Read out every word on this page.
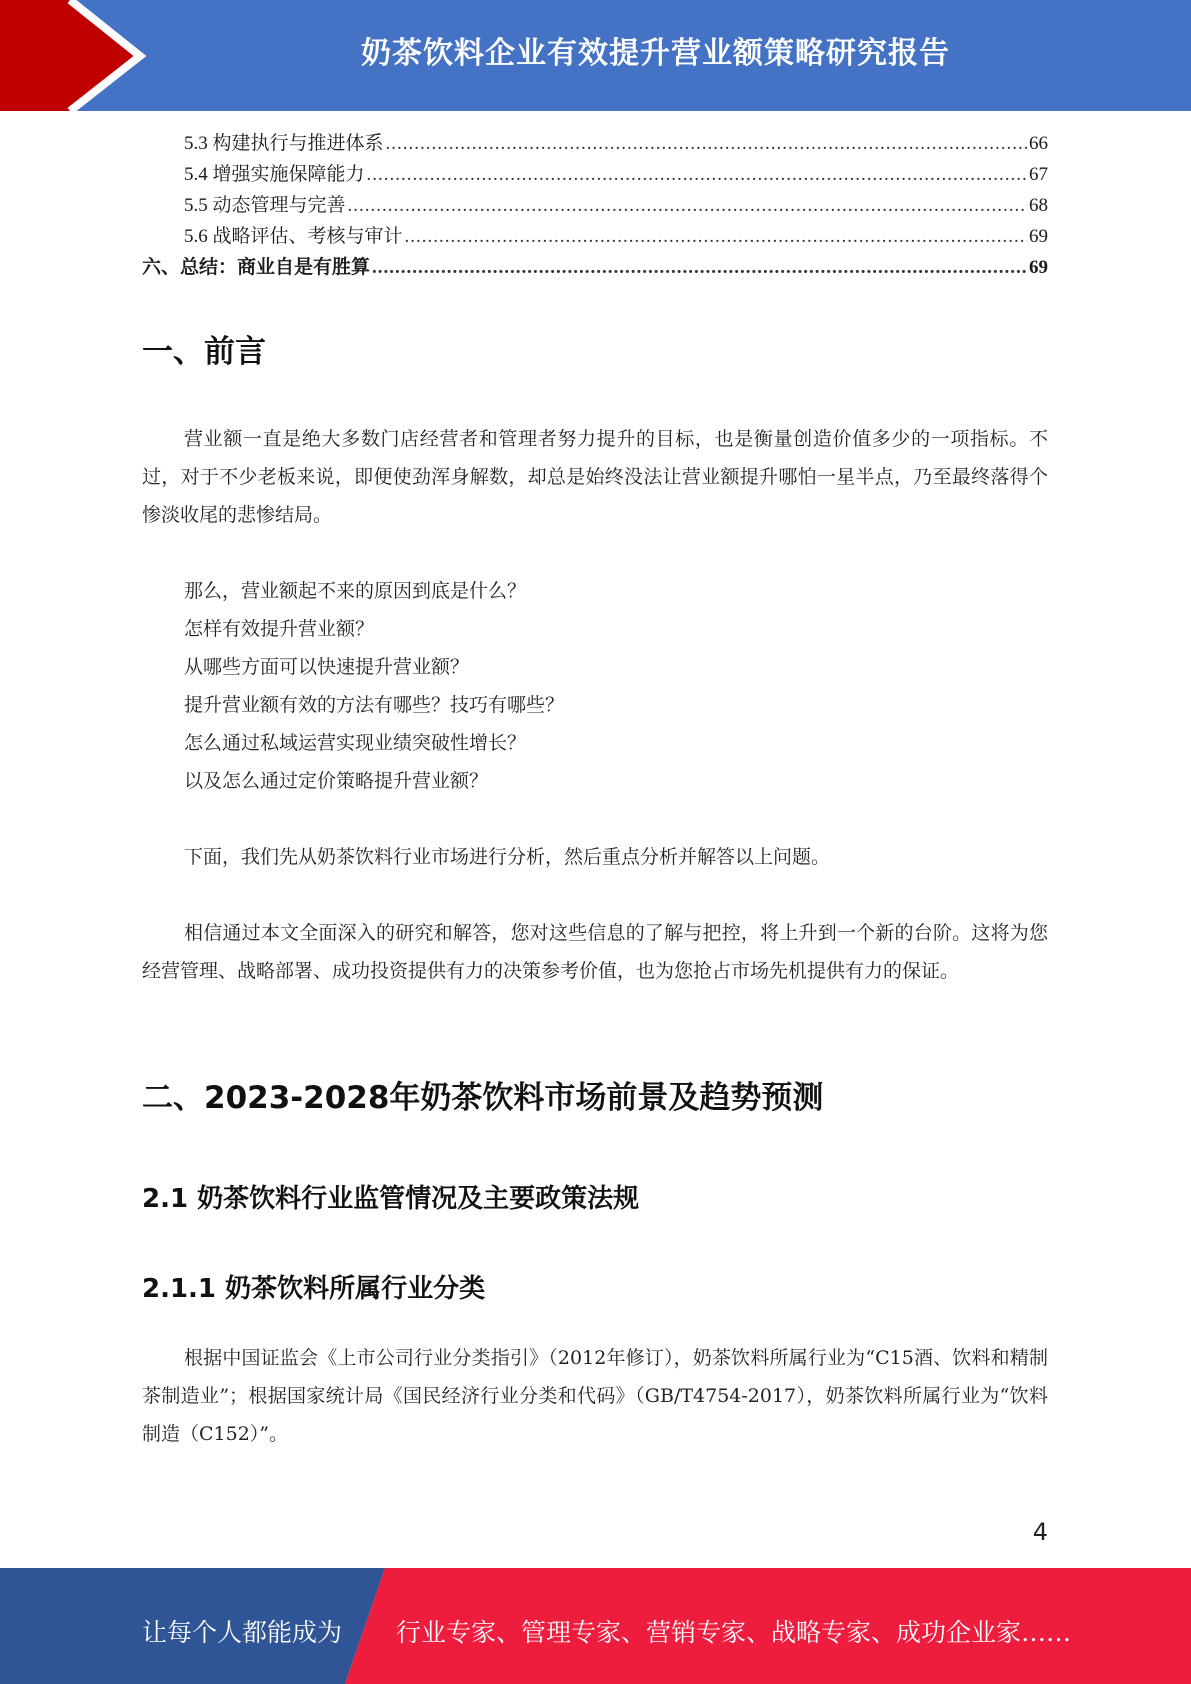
奶茶饮料企业有效提升营业额策略研究报告
5.3 构建执行与推进体系 .....	66
5.4 增强实施保障能力 .....	67
5.5 动态管理与完善 .....	68
5.6 战略评估、考核与审计 .....	69
六、总结：商业自是有胜算 .....	69
一、前言

营业额一直是绝大多数门店经营者和管理者努力提升的目标，也是衡量创造价值多少的一项指标。不过，对于不少老板来说，即便使劲浑身解数，却总是始终没法让营业额提升哪怕一星半点，乃至最终落得个惨淡收尾的悲惨结局。

那么，营业额起不来的原因到底是什么？
怎样有效提升营业额？
从哪些方面可以快速提升营业额？
提升营业额有效的方法有哪些？技巧有哪些？
怎么通过私域运营实现业绩突破性增长？
以及怎么通过定价策略提升营业额？

下面，我们先从奶茶饮料行业市场进行分析，然后重点分析并解答以上问题。

相信通过本文全面深入的研究和解答，您对这些信息的了解与把控，将上升到一个新的台阶。这将为您经营管理、战略部署、成功投资提供有力的决策参考价值，也为您抢占市场先机提供有力的保证。

二、2023-2028年奶茶饮料市场前景及趋势预测
2.1 奶茶饮料行业监管情况及主要政策法规
2.1.1 奶茶饮料所属行业分类

根据中国证监会《上市公司行业分类指引》（2012年修订），奶茶饮料所属行业为“C15酒、饮料和精制茶制造业”；根据国家统计局《国民经济行业分类和代码》（GB/T4754-2017），奶茶饮料所属行业为“饮料制造（C152）”。

4
让每个人都能成为 行业专家、管理专家、营销专家、战略专家、成功企业家……
